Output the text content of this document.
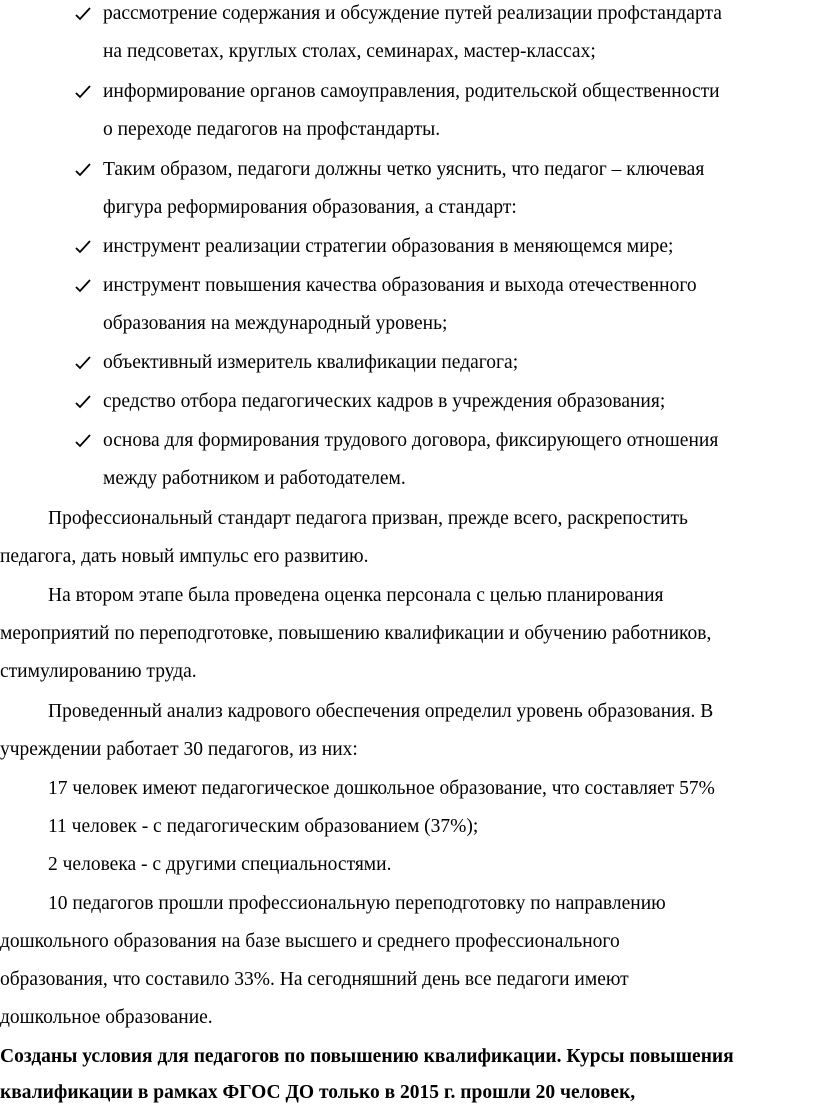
рассмотрение содержания и обсуждение путей реализации профстандарта
на педсоветах, круглых столах, семинарах, мастер-классах;
информирование органов самоуправления, родительской общественности
о переходе педагогов на профстандарты.
Таким образом, педагоги должны четко уяснить, что педагог – ключевая
фигура реформирования образования, а стандарт:
инструмент реализации стратегии образования в меняющемся мире;
инструмент повышения качества образования и выхода отечественного
образования на международный уровень;
объективный измеритель квалификации педагога;
средство отбора педагогических кадров в учреждения образования;
основа для формирования трудового договора, фиксирующего отношения
между работником и работодателем.
Профессиональный стандарт педагога призван, прежде всего, раскрепостить
педагога, дать новый импульс его развитию.
На втором этапе была проведена оценка персонала с целью планирования
мероприятий по переподготовке, повышению квалификации и обучению работников,
стимулированию труда.
Проведенный анализ кадрового обеспечения определил уровень образования. В
учреждении работает 30 педагогов, из них:
17 человек имеют педагогическое дошкольное образование, что составляет 57%
11 человек - с педагогическим образованием (37%);
2 человека - с другими специальностями.
10 педагогов прошли профессиональную переподготовку по направлению
дошкольного образования на базе высшего и среднего профессионального
образования, что составило 33%. На сегодняшний день все педагоги имеют
дошкольное образование.
Созданы условия для педагогов по повышению квалификации. Курсы повышения
квалификации в рамках ФГОС ДО только в 2015 г. прошли 20 человек,
